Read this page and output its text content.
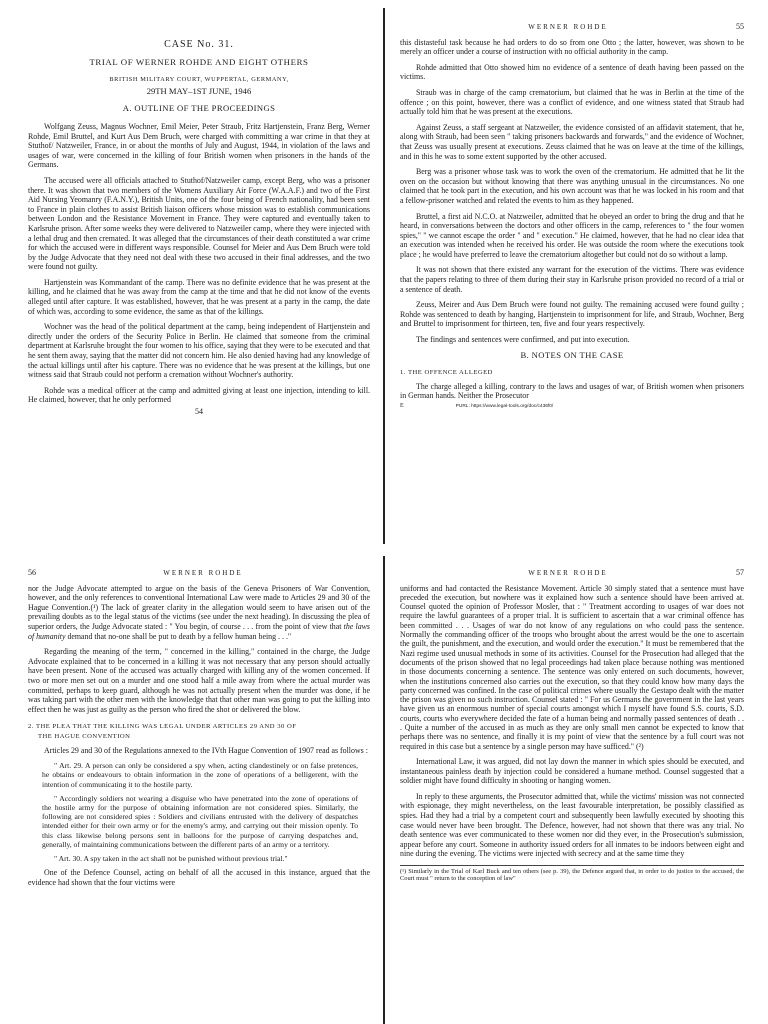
CASE No. 31.
TRIAL OF WERNER ROHDE AND EIGHT OTHERS
BRITISH MILITARY COURT, WUPPERTAL, GERMANY,
29TH MAY–1ST JUNE, 1946
A. OUTLINE OF THE PROCEEDINGS

Wolfgang Zeuss, Magnus Wochner, Emil Meier, Peter Straub, Fritz Hartjenstein, Franz Berg, Werner Rohde, Emil Bruttel, and Kurt Aus Dem Bruch, were charged with committing a war crime in that they at Stuthof/ Natzweiler, France, in or about the months of July and August, 1944, in violation of the laws and usages of war, were concerned in the killing of four British women when prisoners in the hands of the Germans.

The accused were all officials attached to Stuthof/Natzweiler camp, except Berg, who was a prisoner there. It was shown that two members of the Womens Auxiliary Air Force (W.A.A.F.) and two of the First Aid Nursing Yeomanry (F.A.N.Y.), British Units, one of the four being of French nationality, had been sent to France in plain clothes to assist British liaison officers whose mission was to establish communications between London and the Resistance Movement in France. They were captured and eventually taken to Karlsruhe prison. After some weeks they were delivered to Natzweiler camp, where they were injected with a lethal drug and then cremated. It was alleged that the circumstances of their death constituted a war crime for which the accused were in different ways responsible. Counsel for Meier and Aus Dem Bruch were told by the Judge Advocate that they need not deal with these two accused in their final addresses, and the two were found not guilty.

Hartjenstein was Kommandant of the camp. There was no definite evidence that he was present at the killing, and he claimed that he was away from the camp at the time and that he did not know of the events alleged until after capture. It was established, however, that he was present at a party in the camp, the date of which was, according to some evidence, the same as that of the killings.

Wochner was the head of the political department at the camp, being independent of Hartjenstein and directly under the orders of the Security Police in Berlin. He claimed that someone from the criminal department at Karlsruhe brought the four women to his office, saying that they were to be executed and that he sent them away, saying that the matter did not concern him. He also denied having had any knowledge of the actual killings until after his capture. There was no evidence that he was present at the killings, but one witness said that Straub could not perform a cremation without Wochner's authority.

Rohde was a medical officer at the camp and admitted giving at least one injection, intending to kill. He claimed, however, that he only performed

54
WERNER ROHDE	55

this distasteful task because he had orders to do so from one Otto ; the latter, however, was shown to be merely an officer under a course of instruction with no official authority in the camp.

Rohde admitted that Otto showed him no evidence of a sentence of death having been passed on the victims.

Straub was in charge of the camp crematorium, but claimed that he was in Berlin at the time of the offence ; on this point, however, there was a conflict of evidence, and one witness stated that Straub had actually told him that he was present at the executions.

Against Zeuss, a staff sergeant at Natzweiler, the evidence consisted of an affidavit statement, that he, along with Straub, had been seen " taking prisoners backwards and forwards," and the evidence of Wochner, that Zeuss was usually present at executions. Zeuss claimed that he was on leave at the time of the killings, and in this he was to some extent supported by the other accused.

Berg was a prisoner whose task was to work the oven of the crematorium. He admitted that he lit the oven on the occasion but without knowing that there was anything unusual in the circumstances. No one claimed that he took part in the execution, and his own account was that he was locked in his room and that a fellow-prisoner watched and related the events to him as they happened.

Bruttel, a first aid N.C.O. at Natzweiler, admitted that he obeyed an order to bring the drug and that he heard, in conversations between the doctors and other officers in the camp, references to " the four women spies," " we cannot escape the order " and " execution." He claimed, however, that he had no clear idea that an execution was intended when he received his order. He was outside the room where the executions took place ; he would have preferred to leave the crematorium altogether but could not do so without a lamp.

It was not shown that there existed any warrant for the execution of the victims. There was evidence that the papers relating to three of them during their stay in Karlsruhe prison provided no record of a trial or a sentence of death.

Zeuss, Meirer and Aus Dem Bruch were found not guilty. The remaining accused were found guilty ; Rohde was sentenced to death by hanging, Hartjenstein to imprisonment for life, and Straub, Wochner, Berg and Bruttel to imprisonment for thirteen, ten, five and four years respectively.

The findings and sentences were confirmed, and put into execution.

B. NOTES ON THE CASE
1. THE OFFENCE ALLEGED

The charge alleged a killing, contrary to the laws and usages of war, of British women when prisoners in German hands. Neither the Prosecutor

E	PURL: https://www.legal-tools.org/doc/c436f0/
56	WERNER ROHDE

nor the Judge Advocate attempted to argue on the basis of the Geneva Prisoners of War Convention, however, and the only references to conventional International Law were made to Articles 29 and 30 of the Hague Convention.(¹) The lack of greater clarity in the allegation would seem to have arisen out of the prevailing doubts as to the legal status of the victims (see under the next heading). In discussing the plea of superior orders, the Judge Advocate stated : " You begin, of course . . . from the point of view that the laws of humanity demand that no-one shall be put to death by a fellow human being . . ."

Regarding the meaning of the term, " concerned in the killing," contained in the charge, the Judge Advocate explained that to be concerned in a killing it was not necessary that any person should actually have been present. None of the accused was actually charged with killing any of the women concerned. If two or more men set out on a murder and one stood half a mile away from where the actual murder was committed, perhaps to keep guard, although he was not actually present when the murder was done, if he was taking part with the other men with the knowledge that that other man was going to put the killing into effect then he was just as guilty as the person who fired the shot or delivered the blow.

2. THE PLEA THAT THE KILLING WAS LEGAL UNDER ARTICLES 29 AND 30 OF
THE HAGUE CONVENTION

Articles 29 and 30 of the Regulations annexed to the IVth Hague Convention of 1907 read as follows :

" Art. 29. A person can only be considered a spy when, acting clandestinely or on false pretences, he obtains or endeavours to obtain information in the zone of operations of a belligerent, with the intention of communicating it to the hostile party.

" Accordingly soldiers not wearing a disguise who have penetrated into the zone of operations of the hostile army for the purpose of obtaining information are not considered spies. Similarly, the following are not considered spies : Soldiers and civilians entrusted with the delivery of despatches intended either for their own army or for the enemy's army, and carrying out their mission openly. To this class likewise belong persons sent in balloons for the purpose of carrying despatches and, generally, of maintaining communications between the different parts of an army or a territory.

" Art. 30. A spy taken in the act shall not be punished without previous trial."

One of the Defence Counsel, acting on behalf of all the accused in this instance, argued that the evidence had shown that the four victims were

WERNER ROHDE	57

uniforms and had contacted the Resistance Movement. Article 30 simply stated that a sentence must have preceded the execution, but nowhere was it explained how such a sentence should have been arrived at. Counsel quoted the opinion of Professor Mosler, that : " Treatment according to usages of war does not require the lawful guarantees of a proper trial. It is sufficient to ascertain that a war criminal offence has been committed . . . Usages of war do not know of any regulations on who could pass the sentence. Normally the commanding officer of the troops who brought about the arrest would be the one to ascertain the guilt, the punishment, and the execution, and would order the execution." It must be remembered that the Nazi regime used unusual methods in some of its activities. Counsel for the Prosecution had alleged that the documents of the prison showed that no legal proceedings had taken place because nothing was mentioned in those documents concerning a sentence. The sentence was only entered on such documents, however, when the institutions concerned also carries out the execution, so that they could know how many days the party concerned was confined. In the case of political crimes where usually the Gestapo dealt with the matter the prison was given no such instruction. Counsel stated : " For us Germans the government in the last years have given us an enormous number of special courts amongst which I myself have found S.S. courts, S.D. courts, courts who everywhere decided the fate of a human being and normally passed sentences of death . . . Quite a number of the accused in as much as they are only small men cannot be expected to know that perhaps there was no sentence, and finally it is my point of view that the sentence by a full court was not required in this case but a sentence by a single person may have sufficed." (²)

International Law, it was argued, did not lay down the manner in which spies should be executed, and instantaneous painless death by injection could be considered a humane method. Counsel suggested that a soldier might have found difficulty in shooting or hanging women.

In reply to these arguments, the Prosecutor admitted that, while the victims' mission was not connected with espionage, they might nevertheless, on the least favourable interpretation, be possibly classified as spies. Had they had a trial by a competent court and subsequently been lawfully executed by shooting this case would never have been brought. The Defence, however, had not shown that there was any trial. No death sentence was ever communicated to these women nor did they ever, in the Prosecution's submission, appear before any court. Someone in authority issued orders for all inmates to be indoors between eight and nine during the evening. The victims were injected with secrecy and at the same time they

(¹) Similarly in the Trial of Karl Buck and ten others (see p. 39), the Defence argued that, in order to do justice to the accused, the Court must " return to the conception of law"
